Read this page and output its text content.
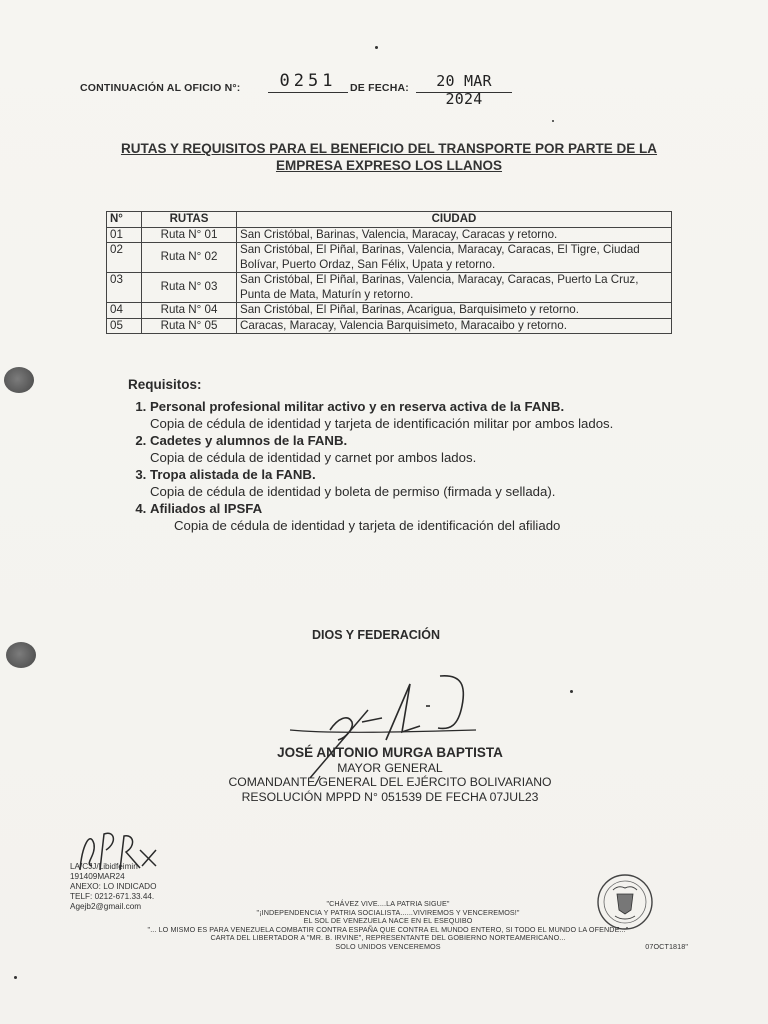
CONTINUACIÓN AL OFICIO N°:	0251	DE FECHA:	20 MAR 2024
RUTAS Y REQUISITOS PARA EL BENEFICIO DEL TRANSPORTE POR PARTE DE LA
EMPRESA EXPRESO LOS LLANOS
N°	RUTAS	CIUDAD
01	Ruta N° 01	San Cristóbal, Barinas, Valencia, Maracay, Caracas y retorno.
02	Ruta N° 02	San Cristóbal, El Piñal, Barinas, Valencia, Maracay, Caracas, El Tigre, Ciudad Bolívar, Puerto Ordaz, San Félix, Upata y retorno.
03	Ruta N° 03	San Cristóbal, El Piñal, Barinas, Valencia, Maracay, Caracas, Puerto La Cruz, Punta de Mata, Maturín y retorno.
04	Ruta N° 04	San Cristóbal, El Piñal, Barinas, Acarigua, Barquisimeto y retorno.
05	Ruta N° 05	Caracas, Maracay, Valencia Barquisimeto, Maracaibo y retorno.
Requisitos:
1. Personal profesional militar activo y en reserva activa de la FANB.
Copia de cédula de identidad y tarjeta de identificación militar por ambos lados.
2. Cadetes y alumnos de la FANB.
Copia de cédula de identidad y carnet por ambos lados.
3. Tropa alistada de la FANB.
Copia de cédula de identidad y boleta de permiso (firmada y sellada).
4. Afiliados al IPSFA
Copia de cédula de identidad y tarjeta de identificación del afiliado
DIOS Y FEDERACIÓN
JOSÉ ANTONIO MURGA BAPTISTA
MAYOR GENERAL
COMANDANTE GENERAL DEL EJÉRCITO BOLIVARIANO
RESOLUCIÓN MPPD N° 051539 DE FECHA 07JUL23
LA/CJJ/Libidfeimin
191409MAR24
ANEXO: LO INDICADO
TELF: 0212-671.33.44.
Agejb2@gmail.com	"CHÁVEZ VIVE....LA PATRIA SIGUE"
"¡INDEPENDENCIA Y PATRIA SOCIALISTA......VIVIREMOS Y VENCEREMOS!"
EL SOL DE VENEZUELA NACE EN EL ESEQUIBO
"... LO MISMO ES PARA VENEZUELA COMBATIR CONTRA ESPAÑA QUE CONTRA EL MUNDO ENTERO, SI TODO EL MUNDO LA OFENDE..."
CARTA DEL LIBERTADOR A "MR. B. IRVINE", REPRESENTANTE DEL GOBIERNO NORTEAMERICANO...
SOLO UNIDOS VENCEREMOS	07OCT1818"
